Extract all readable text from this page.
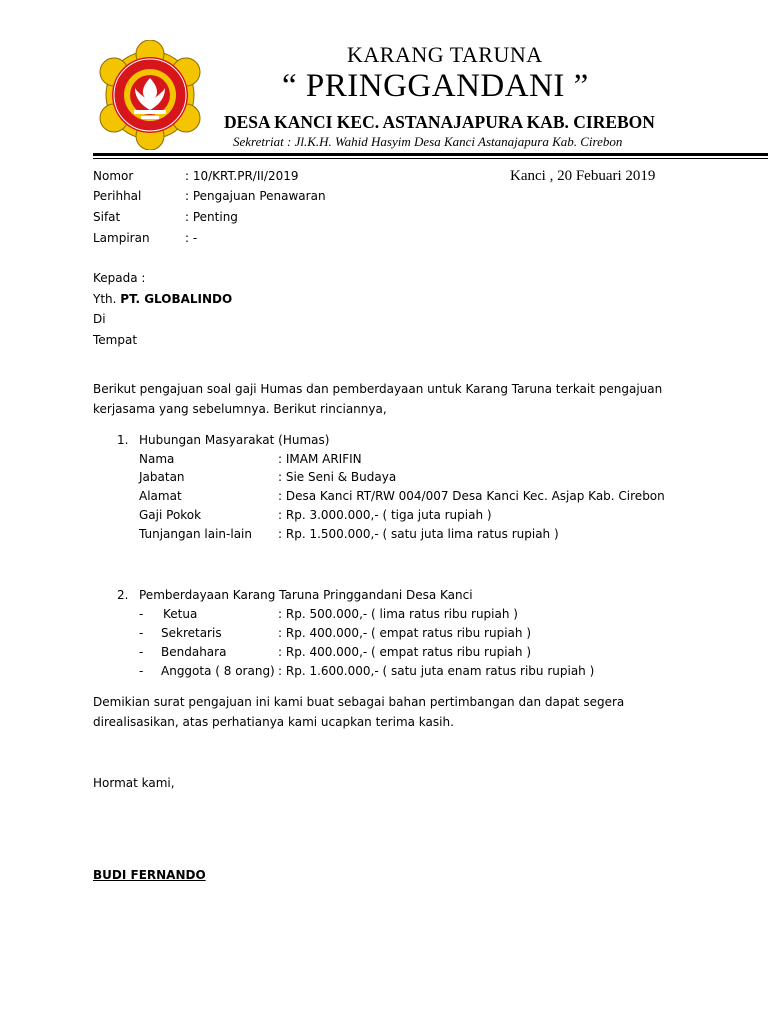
KARANG TARUNA
“ PRINGGANDANI ”
DESA KANCI KEC. ASTANAJAPURA KAB. CIREBON
Sekretriat : Jl.K.H. Wahid Hasyim Desa Kanci Astanajapura Kab. Cirebon
Nomor	: 10/KRT.PR/II/2019	Kanci , 20 Febuari 2019
Perihhal	: Pengajuan Penawaran
Sifat	: Penting
Lampiran	: -
Kepada :
Yth. PT. GLOBALINDO
Di
Tempat
Berikut pengajuan soal gaji Humas dan pemberdayaan untuk Karang Taruna terkait pengajuan
kerjasama yang sebelumnya. Berikut rinciannya,
1. Hubungan Masyarakat (Humas)
Nama	: IMAM ARIFIN
Jabatan	: Sie Seni & Budaya
Alamat	: Desa Kanci RT/RW 004/007 Desa Kanci Kec. Asjap Kab. Cirebon
Gaji Pokok	: Rp. 3.000.000,- ( tiga juta rupiah )
Tunjangan lain-lain : Rp. 1.500.000,- ( satu juta lima ratus rupiah )
2. Pemberdayaan Karang Taruna Pringgandani Desa Kanci
- Ketua	: Rp. 500.000,- ( lima ratus ribu rupiah )
- Sekretaris	: Rp. 400.000,- ( empat ratus ribu rupiah )
- Bendahara	: Rp. 400.000,- ( empat ratus ribu rupiah )
- Anggota ( 8 orang) : Rp. 1.600.000,- ( satu juta enam ratus ribu rupiah )
Demikian surat pengajuan ini kami buat sebagai bahan pertimbangan dan dapat segera
direalisasikan, atas perhatianya kami ucapkan terima kasih.
Hormat kami,
BUDI FERNANDO
